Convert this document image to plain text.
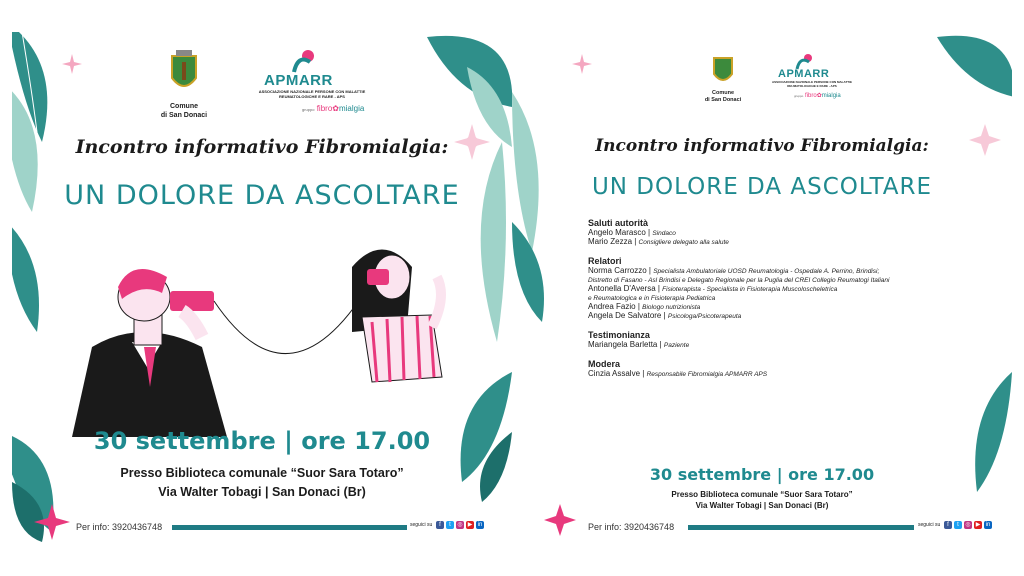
Comune
di San Donaci
APMARR
ASSOCIAZIONE NAZIONALE PERSONE CON MALATTIE
REUMATOLOGICHE E RARE - APS
gruppo fibro✿mialgia
Incontro informativo Fibromialgia:
UN DOLORE DA ASCOLTARE
30 settembre | ore 17.00
Presso Biblioteca comunale “Suor Sara Totaro”
Via Walter Tobagi | San Donaci (Br)
Per info: 3920436748	seguici su	f	t	◎ ▶ in
Comune
di San Donaci
APMARR
ASSOCIAZIONE NAZIONALE PERSONE CON MALATTIE
REUMATOLOGICHE E RARE - APS
gruppo fibro✿mialgia
Incontro informativo Fibromialgia:
UN DOLORE DA ASCOLTARE
Saluti autorità
Angelo Marasco | Sindaco
Mario Zezza | Consigliere delegato alla salute
Relatori
Norma Carrozzo | Specialista Ambulatoriale UOSD Reumatologia - Ospedale A. Perrino, Brindisi;
Distretto di Fasano - Asl Brindisi e Delegato Regionale per la Puglia del CREI Collegio Reumatogi Italiani
Antonella D'Aversa | Fisioterapista - Specialista in Fisioterapia Muscoloscheletrica
e Reumatologica e in Fisioterapia Pediatrica
Andrea Fazio | Biologo nutrizionista
Angela De Salvatore | Psicologa/Psicoterapeuta
Testimonianza
Mariangela Barletta | Paziente
Modera
Cinzia Assalve | Responsabile Fibromialgia APMARR APS
30 settembre | ore 17.00
Presso Biblioteca comunale “Suor Sara Totaro”
Via Walter Tobagi | San Donaci (Br)
Per info: 3920436748	seguici su	f	t	◎ ▶ in
